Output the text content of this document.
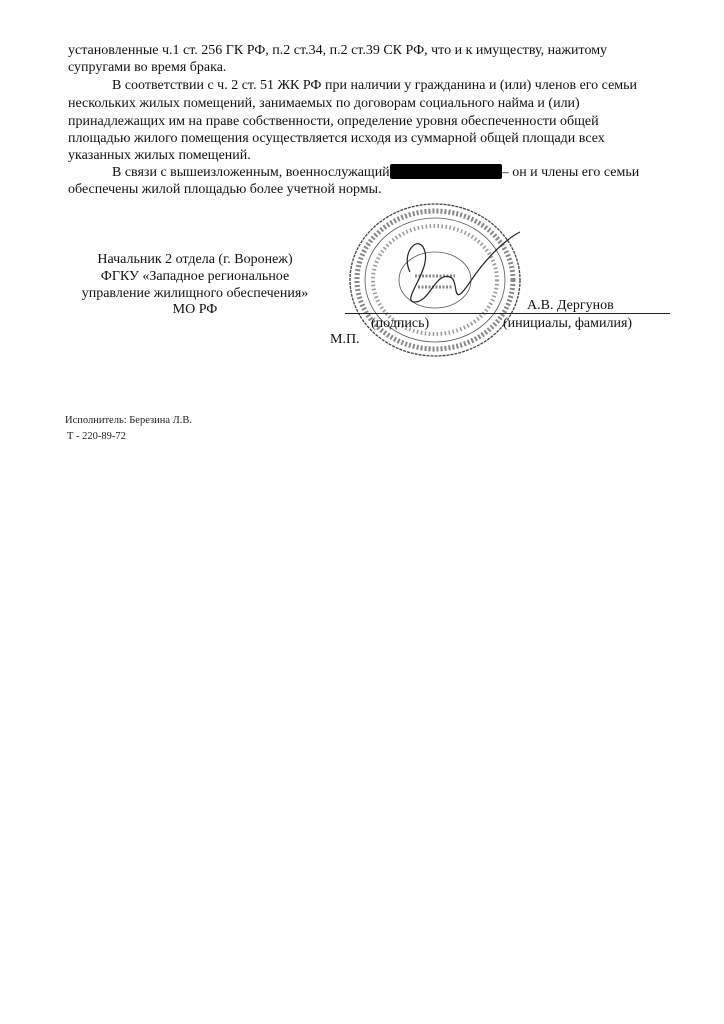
установленные ч.1 ст. 256 ГК РФ, п.2 ст.34, п.2 ст.39 СК РФ, что и к имуществу, нажитому
супругами во время брака.
В соответствии с ч. 2 ст. 51 ЖК РФ при наличии у гражданина и (или) членов его семьи
нескольких жилых помещений, занимаемых по договорам социального найма и (или)
принадлежащих им на праве собственности, определение уровня обеспеченности общей
площадью жилого помещения осуществляется исходя из суммарной общей площади всех
указанных жилых помещений.
В связи с вышеизложенным, военнослужащий	– он и члены его семьи
обеспечены жилой площадью более учетной нормы.
Начальник 2 отдела (г. Воронеж)
ФГКУ «Западное региональное
управление жилищного обеспечения»
МО РФ	А.В. Дергунов
(подпись)	(инициалы, фамилия)
М.П.
Исполнитель: Березина Л.В.
Т - 220-89-72
